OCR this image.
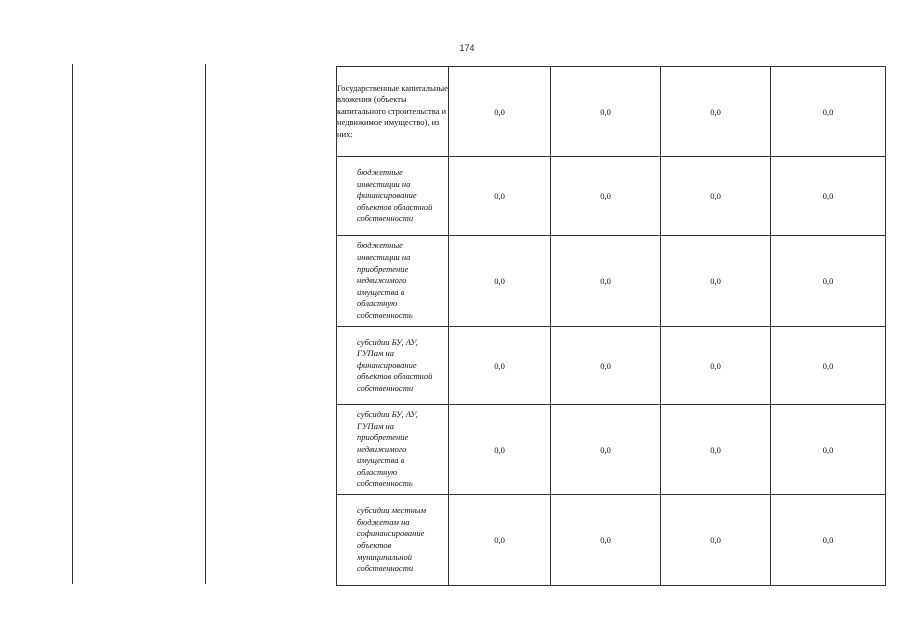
174
Государственные капитальные вложения (объекты капитального строительства и недвижимое имущество), из них:	0,0	0,0	0,0	0,0
бюджетные инвестиции на финансирование объектов областной собственности	0,0	0,0	0,0	0,0
бюджетные инвестиции на приобретение недвижимого имущества в областную собственность	0,0	0,0	0,0	0,0
субсидии БУ, АУ, ГУПам на финансирование объектов областной собственности	0,0	0,0	0,0	0,0
субсидии БУ, АУ, ГУПам на приобретение недвижимого имущества в областную собственность	0,0	0,0	0,0	0,0
субсидии местным бюджетам на софинансирование объектов муниципальной собственности	0,0	0,0	0,0	0,0
